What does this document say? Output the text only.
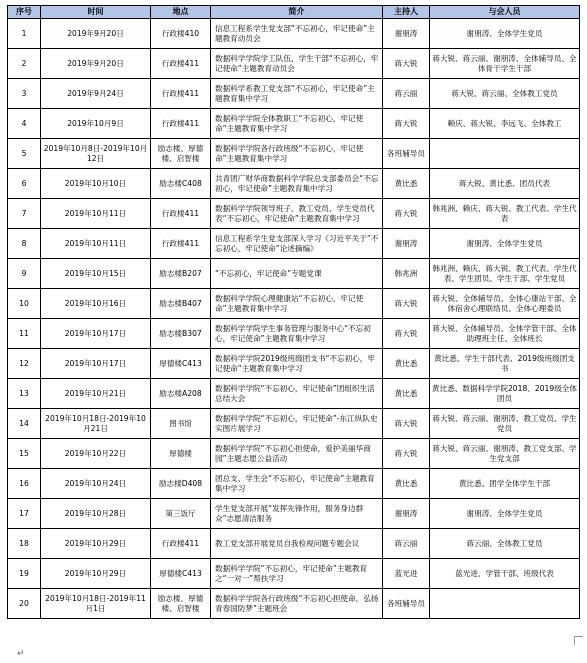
序号	时间	地点	简介	主持人	与会人员
1	2019年9月20日	行政楼410	信息工程系学生党支部“不忘初心，牢记使命”主题教育动员会	谢朋涛	谢朋涛、全体学生党员
2	2019年9月20日	行政楼411	数据科学学院学工队伍、学生干部“不忘初心，牢记使命”主题教育动员会	蒋大锐	蒋大锐、蒋云丽、谢朋涛、全体辅导员、全体骨干学生干部
3	2019年9月24日	行政楼411	数据科学系教工党支部“不忘初心，牢记使命”主题教育集中学习	蒋云丽	蒋大锐、蒋云丽、全体教工党员
4	2019年10月9日	行政楼411	数据科学学院全体教职工“不忘初心，牢记使命”主题教育集中学习	蒋大锐	赖庆、蒋大锐、李远飞、全体教工
5	2019年10月8日-2019年10月12日	励志楼、厚德楼、启智楼	数据科学学院各行政班级“不忘初心，牢记使命”主题教育集中学习	各班辅导员	
6	2019年10月10日	励志楼C408	共青团广财华商数据科学学院总支部委员会“不忘初心，牢记使命”主题教育集中学习	黄比悉	蒋大锐、黄比悉、团员代表
7	2019年10月11日	行政楼411	数据科学学院领导班子、教工党员、学生党员代表“不忘初心，牢记使命”主题教育集中学习	蒋大锐	韩兆洲、赖庆、蒋大锐、教工代表、学生代表
8	2019年10月11日	行政楼411	信息工程系学生党支部深入学习《习近平关于“不忘初心，牢记使命”论述摘编》	谢朋涛	谢朋涛、全体学生党员
9	2019年10月15日	励志楼B207	“不忘初心，牢记使命”专题党课	韩兆洲	韩兆洲、赖庆、蒋大锐、教工代表、学生代表、学生团员、学生干部、学生党员
10	2019年10月16日	励志楼B407	数据科学学院心理健康站“不忘初心，牢记使命”主题教育集中学习	蒋大锐	蒋大锐、全体辅导员、全体心康站干部、全体宿舍心理联络员、全体心理委员
11	2019年10月17日	励志楼B307	数据科学学院学生事务管理与服务中心“不忘初心，牢记使命”主题教育集中学习	蒋大锐	蒋大锐、全体辅导员、全体学管干部、全体助理班主任、全体班长
12	2019年10月17日	厚德楼C413	数据科学学院2019级班级团支书“不忘初心，牢记使命”主题教育集中学习	黄比悉	黄比悉、学生干部代表、2019级班级团支书
13	2019年10月21日	励志楼A208	数据科学学院“不忘初心，牢记使命”团组织生活总结大会	黄比悉	黄比悉、数据科学学院2018、2019级全体团员
14	2019年10月18日-2019年10月21日	图书馆	数据科学学院“不忘初心，牢记使命”-东江纵队史实图片展学习	蒋大锐	蒋大锐、蒋云丽、谢朋涛、教工党员、学生党员
15	2019年10月22日	厚德楼	数据科学学院“不忘初心担使命，爱护美丽华商园”主题志愿公益活动	蒋大锐	蒋大锐、蒋云丽、谢朋涛、教工党支部、学生党支部
16	2019年10月24日	励志楼D408	团总支、学生会“不忘初心，牢记使命”主题教育集中学习	黄比悉	黄比悉、团学全体学生干部
17	2019年10月28日	第三饭厅	学生党支部开展“发挥先锋作用，服务身边群众”志愿清洁服务	谢朋涛	谢朋涛、全体学生党员
18	2019年10月29日	行政楼411	教工党支部开展党员自我检视问题专题会议	蒋云丽	蒋云丽、全体教工党员
19	2019年10月29日	厚德楼C413	数据科学学院“不忘初心，牢记使命”主题教育之“一对一”帮扶学习	蓝光进	蓝光进、学管干部、班级代表
20	2019年10月18日-2019年11月1日	励志楼、厚德楼、启智楼	数据科学学院各行政班级“不忘初心担使命，弘扬青春国防梦”主题班会	各班辅导员	
↵
